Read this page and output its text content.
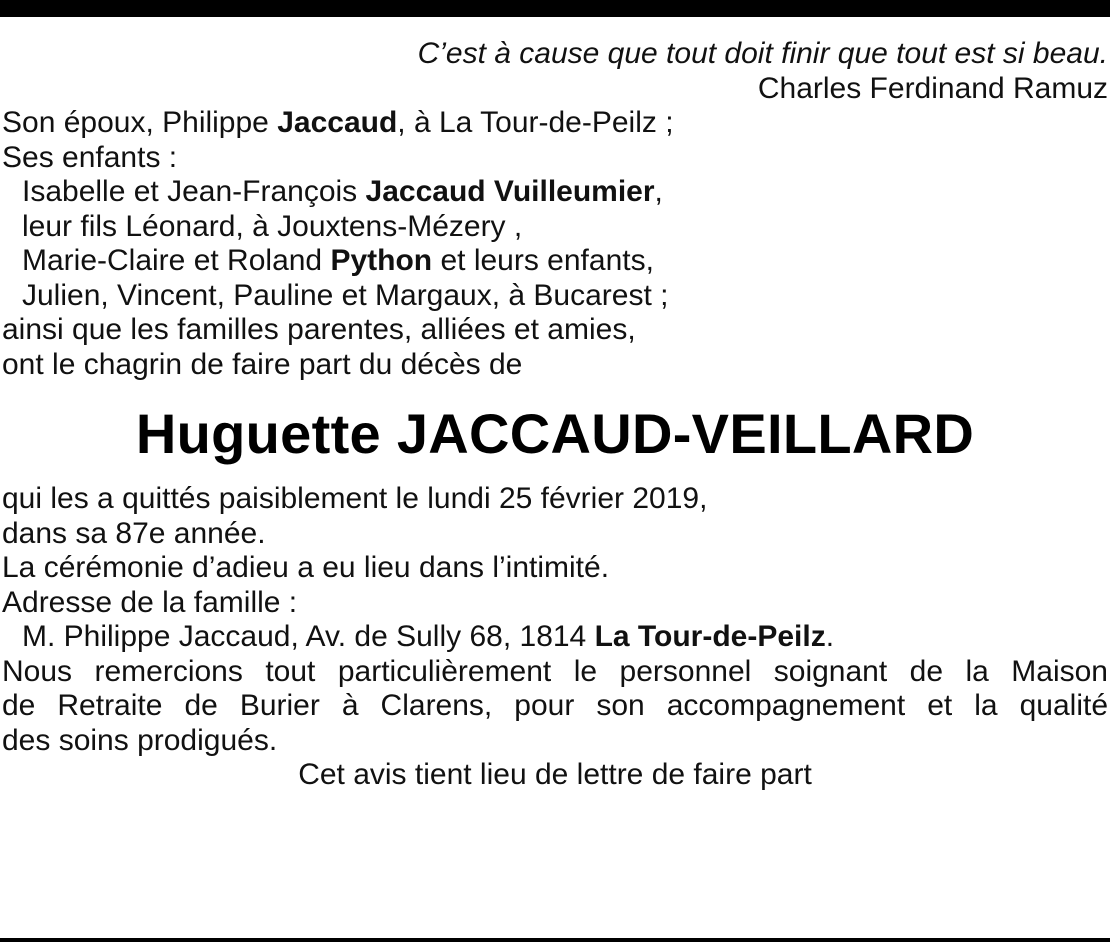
C’est à cause que tout doit finir que tout est si beau.
Charles Ferdinand Ramuz
Son époux, Philippe Jaccaud, à La Tour-de-Peilz ;
Ses enfants :
Isabelle et Jean-François Jaccaud Vuilleumier,
leur fils Léonard, à Jouxtens-Mézery ,
Marie-Claire et Roland Python et leurs enfants,
Julien, Vincent, Pauline et Margaux, à Bucarest ;
ainsi que les familles parentes, alliées et amies,
ont le chagrin de faire part du décès de
Huguette JACCAUD-VEILLARD
qui les a quittés paisiblement le lundi 25 février 2019,
dans sa 87e année.
La cérémonie d’adieu a eu lieu dans l’intimité.
Adresse de la famille :
M. Philippe Jaccaud, Av. de Sully 68, 1814 La Tour-de-Peilz.
Nous remercions tout particulièrement le personnel soignant de la Maison
de Retraite de Burier à Clarens, pour son accompagnement et la qualité
des soins prodigués.
Cet avis tient lieu de lettre de faire part
